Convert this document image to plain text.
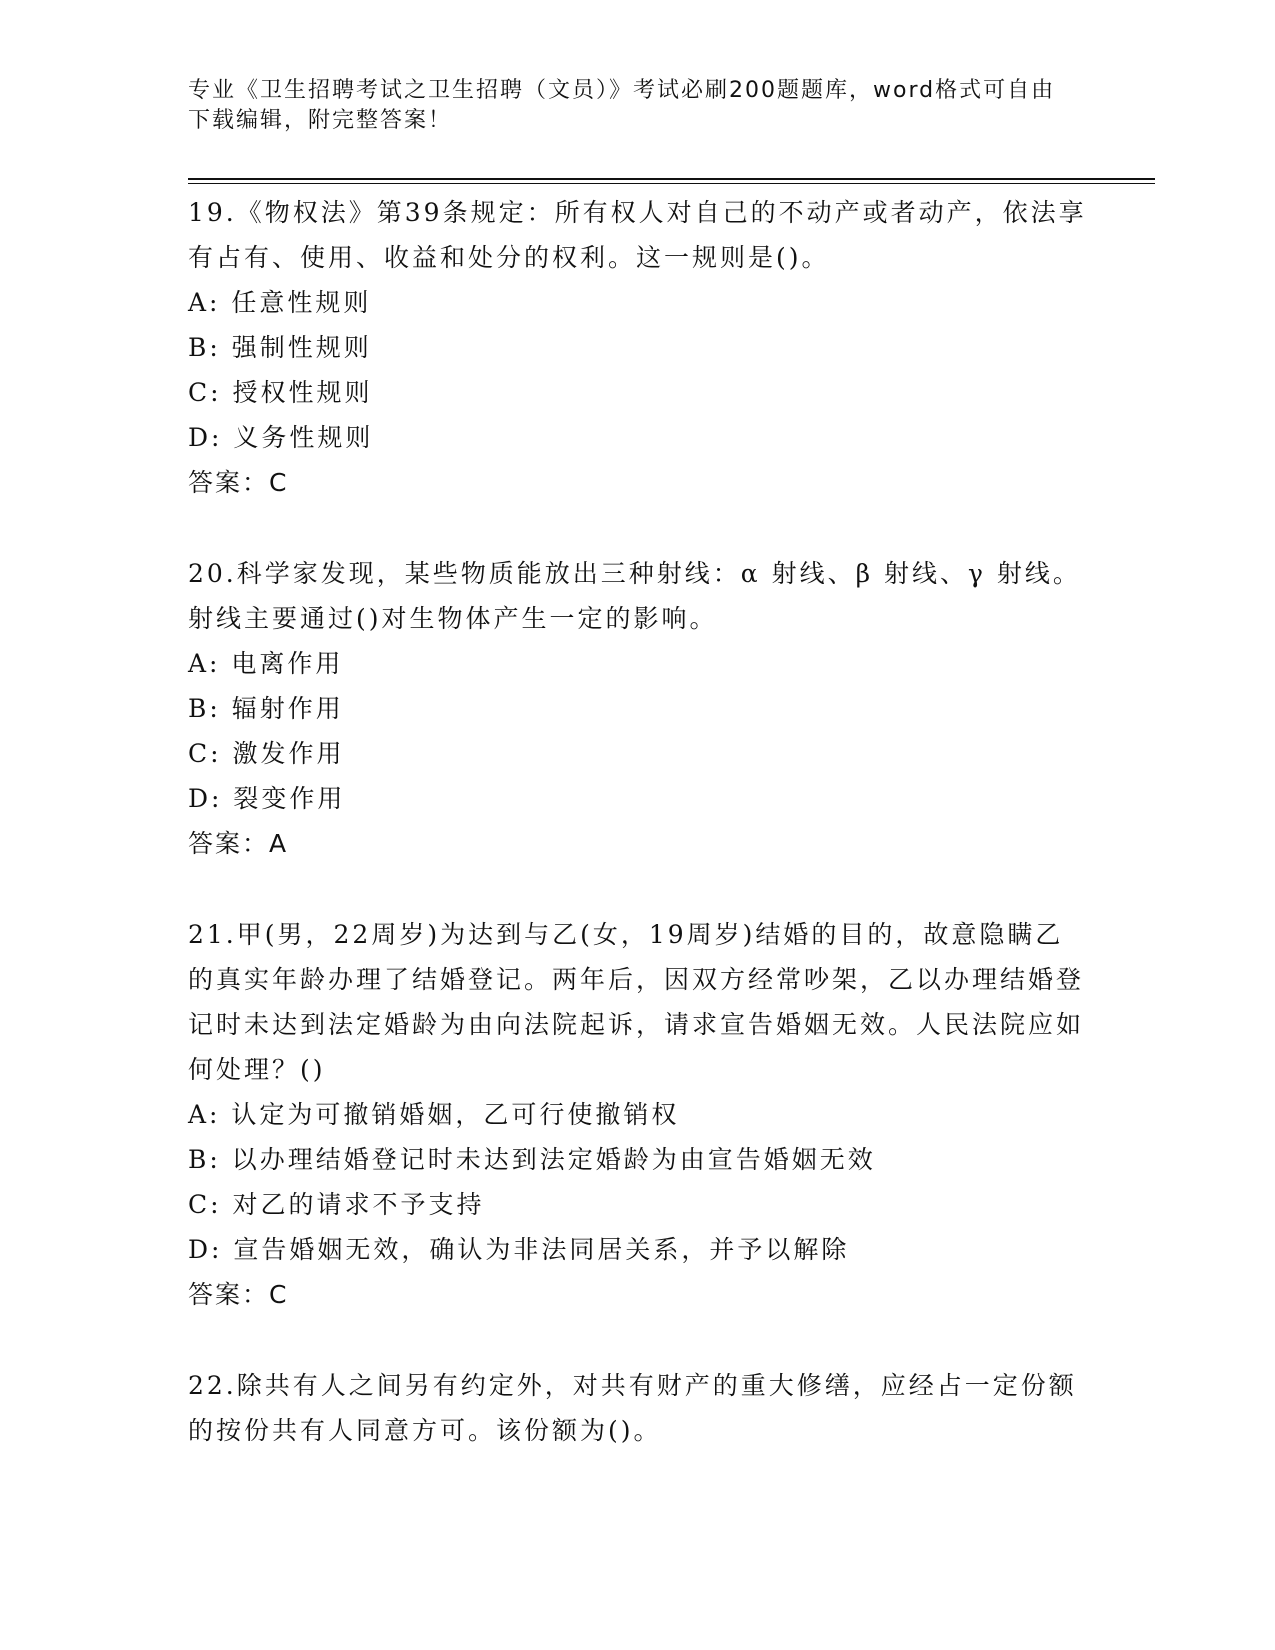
专业《卫生招聘考试之卫生招聘（文员）》考试必刷200题题库，word格式可自由下载编辑，附完整答案！

19.《物权法》第39条规定：所有权人对自己的不动产或者动产，依法享有占有、使用、收益和处分的权利。这一规则是()。

A: 任意性规则
B: 强制性规则
C: 授权性规则
D: 义务性规则
答案：C

20.科学家发现，某些物质能放出三种射线：α 射线、β 射线、γ 射线。射线主要通过()对生物体产生一定的影响。

A: 电离作用
B: 辐射作用
C: 激发作用
D: 裂变作用
答案：A

21.甲(男，22周岁)为达到与乙(女，19周岁)结婚的目的，故意隐瞒乙的真实年龄办理了结婚登记。两年后，因双方经常吵架，乙以办理结婚登记时未达到法定婚龄为由向法院起诉，请求宣告婚姻无效。人民法院应如何处理？()

A: 认定为可撤销婚姻，乙可行使撤销权
B: 以办理结婚登记时未达到法定婚龄为由宣告婚姻无效
C: 对乙的请求不予支持
D: 宣告婚姻无效，确认为非法同居关系，并予以解除
答案：C

22.除共有人之间另有约定外，对共有财产的重大修缮，应经占一定份额的按份共有人同意方可。该份额为()。
